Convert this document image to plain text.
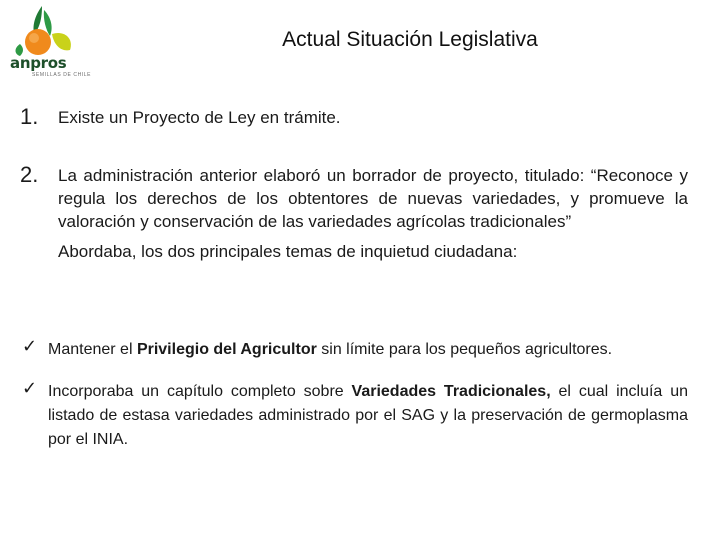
anpros
SEMILLAS DE CHILE
Actual Situación Legislativa
1. Existe un Proyecto de Ley en trámite.
2. La administración anterior elaboró un borrador de proyecto, titulado: “Reconoce y regula los derechos de los obtentores de nuevas variedades, y promueve la valoración y conservación de las variedades agrícolas tradicionales”
Abordaba, los dos principales temas de inquietud ciudadana:
✓ Mantener el Privilegio del Agricultor sin límite para los pequeños agricultores.
✓ Incorporaba un capítulo completo sobre Variedades Tradicionales, el cual incluía un listado de estasa variedades administrado por el SAG y la preservación de germoplasma por el INIA.
